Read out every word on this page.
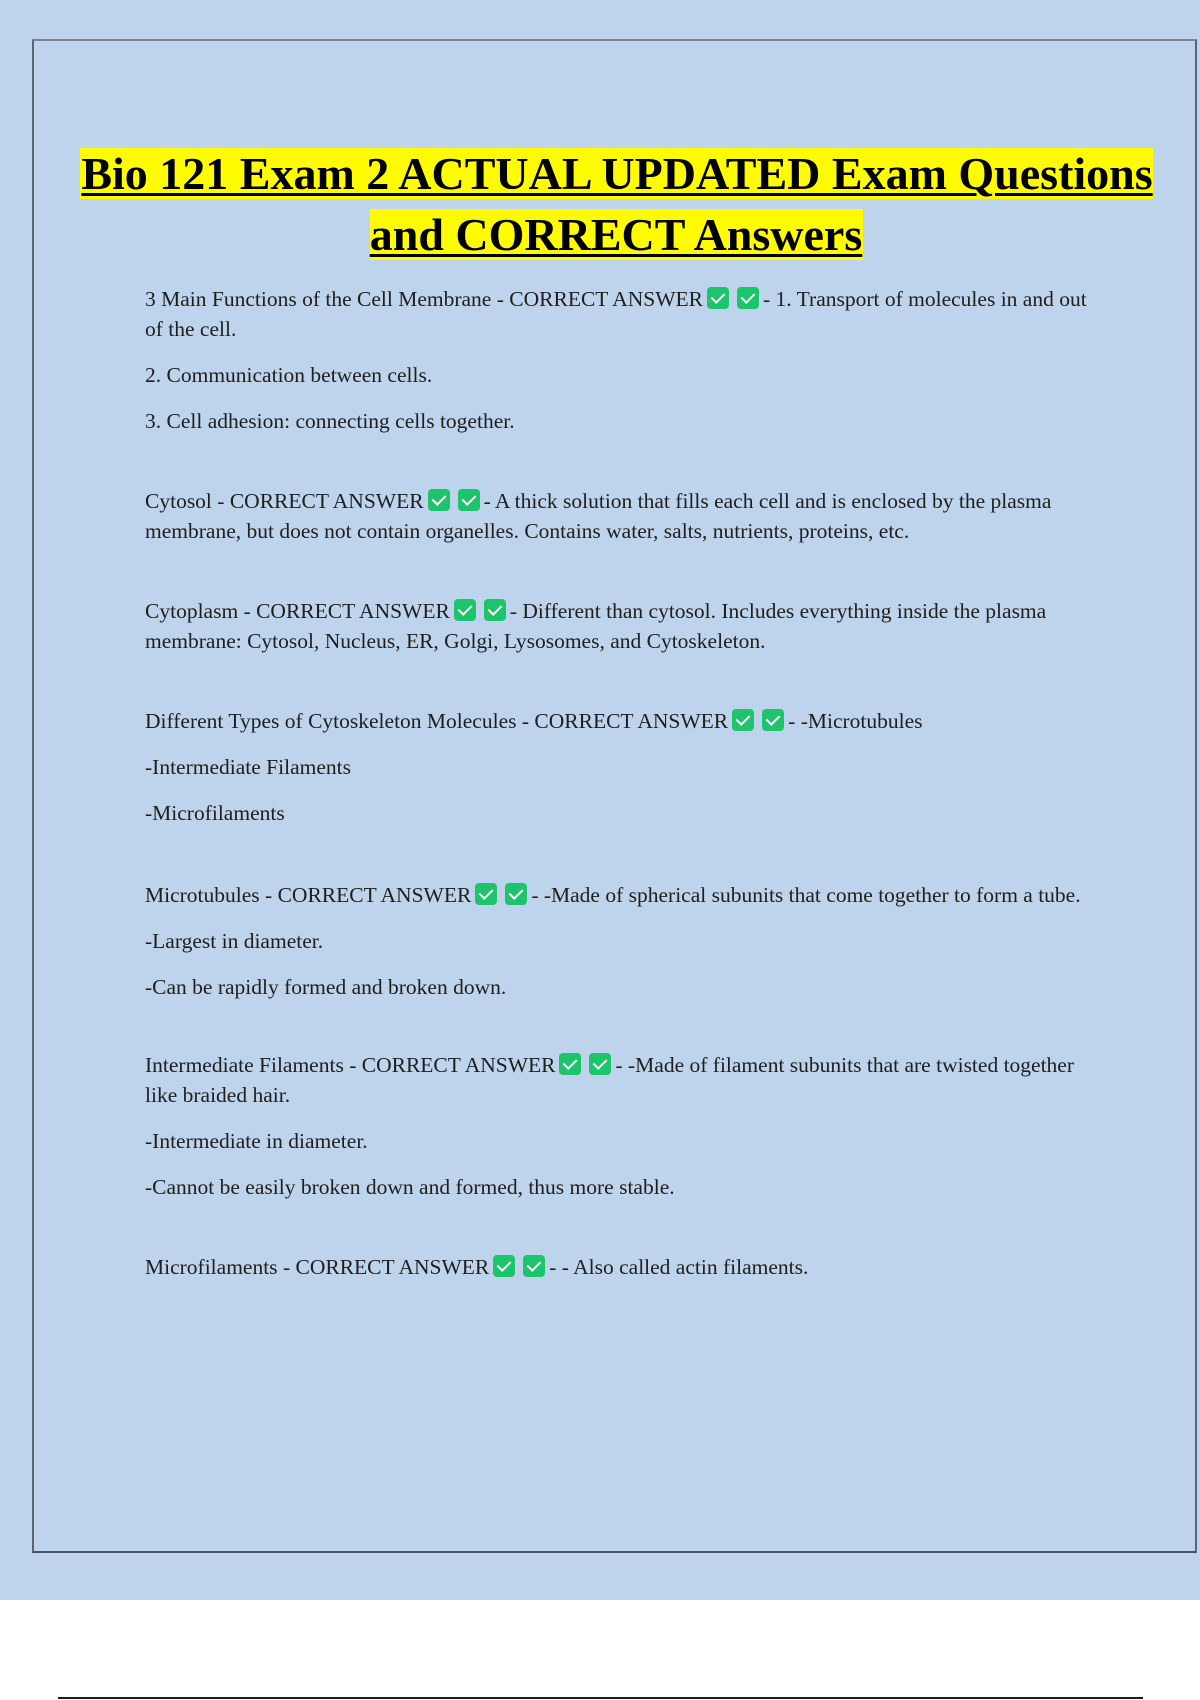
Bio 121 Exam 2 ACTUAL UPDATED Exam Questions and CORRECT Answers

3 Main Functions of the Cell Membrane - CORRECT ANSWER	- 1. Transport of molecules in and out of the cell.

2. Communication between cells.

3. Cell adhesion: connecting cells together.

Cytosol - CORRECT ANSWER	- A thick solution that fills each cell and is enclosed by the plasma membrane, but does not contain organelles. Contains water, salts, nutrients, proteins, etc.

Cytoplasm - CORRECT ANSWER	- Different than cytosol. Includes everything inside the plasma membrane: Cytosol, Nucleus, ER, Golgi, Lysosomes, and Cytoskeleton.

Different Types of Cytoskeleton Molecules - CORRECT ANSWER	- -Microtubules

-Intermediate Filaments

-Microfilaments

Microtubules - CORRECT ANSWER	- -Made of spherical subunits that come together to form a tube.

-Largest in diameter.

-Can be rapidly formed and broken down.

Intermediate Filaments - CORRECT ANSWER	- -Made of filament subunits that are twisted together like braided hair.

-Intermediate in diameter.

-Cannot be easily broken down and formed, thus more stable.

Microfilaments - CORRECT ANSWER	- - Also called actin filaments.
